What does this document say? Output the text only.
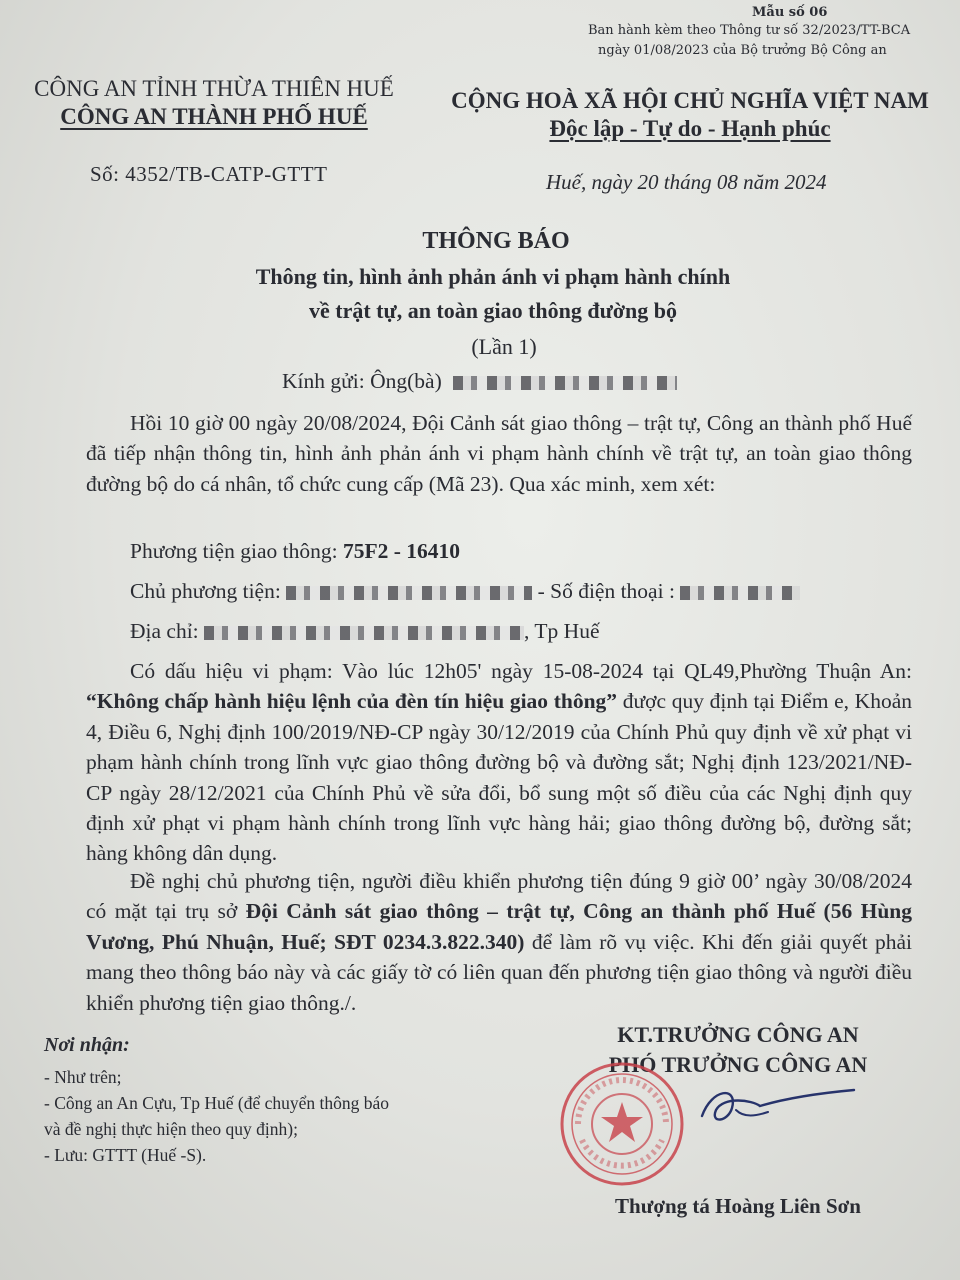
Mẫu số 06
Ban hành kèm theo Thông tư số 32/2023/TT-BCA
ngày 01/08/2023 của Bộ trưởng Bộ Công an
CÔNG AN TỈNH THỪA THIÊN HUẾ
CÔNG AN THÀNH PHỐ HUẾ
Số: 4352/TB-CATP-GTTT
CỘNG HOÀ XÃ HỘI CHỦ NGHĨA VIỆT NAM
Độc lập - Tự do - Hạnh phúc
Huế, ngày 20 tháng 08 năm 2024
THÔNG BÁO
Thông tin, hình ảnh phản ánh vi phạm hành chính
về trật tự, an toàn giao thông đường bộ
(Lần 1)
Kính gửi: Ông(bà)
Hồi 10 giờ 00 ngày 20/08/2024, Đội Cảnh sát giao thông – trật tự, Công an thành phố Huế đã tiếp nhận thông tin, hình ảnh phản ánh vi phạm hành chính về trật tự, an toàn giao thông đường bộ do cá nhân, tổ chức cung cấp (Mã 23). Qua xác minh, xem xét:
Phương tiện giao thông: 75F2 - 16410
Chủ phương tiện:	- Số điện thoại :
Địa chỉ:	, Tp Huế
Có dấu hiệu vi phạm: Vào lúc 12h05' ngày 15-08-2024 tại QL49,Phường Thuận An: “Không chấp hành hiệu lệnh của đèn tín hiệu giao thông” được quy định tại Điểm e, Khoản 4, Điều 6, Nghị định 100/2019/NĐ-CP ngày 30/12/2019 của Chính Phủ quy định về xử phạt vi phạm hành chính trong lĩnh vực giao thông đường bộ và đường sắt; Nghị định 123/2021/NĐ-CP ngày 28/12/2021 của Chính Phủ về sửa đổi, bổ sung một số điều của các Nghị định quy định xử phạt vi phạm hành chính trong lĩnh vực hàng hải; giao thông đường bộ, đường sắt; hàng không dân dụng.
Đề nghị chủ phương tiện, người điều khiển phương tiện đúng 9 giờ 00’ ngày 30/08/2024 có mặt tại trụ sở Đội Cảnh sát giao thông – trật tự, Công an thành phố Huế (56 Hùng Vương, Phú Nhuận, Huế; SĐT 0234.3.822.340) để làm rõ vụ việc. Khi đến giải quyết phải mang theo thông báo này và các giấy tờ có liên quan đến phương tiện giao thông và người điều khiển phương tiện giao thông./.
Nơi nhận:
- Như trên;
- Công an An Cựu, Tp Huế (để chuyển thông báo
và đề nghị thực hiện theo quy định);
- Lưu: GTTT (Huế -S).
KT.TRƯỞNG CÔNG AN
PHÓ TRƯỞNG CÔNG AN
Thượng tá Hoàng Liên Sơn
